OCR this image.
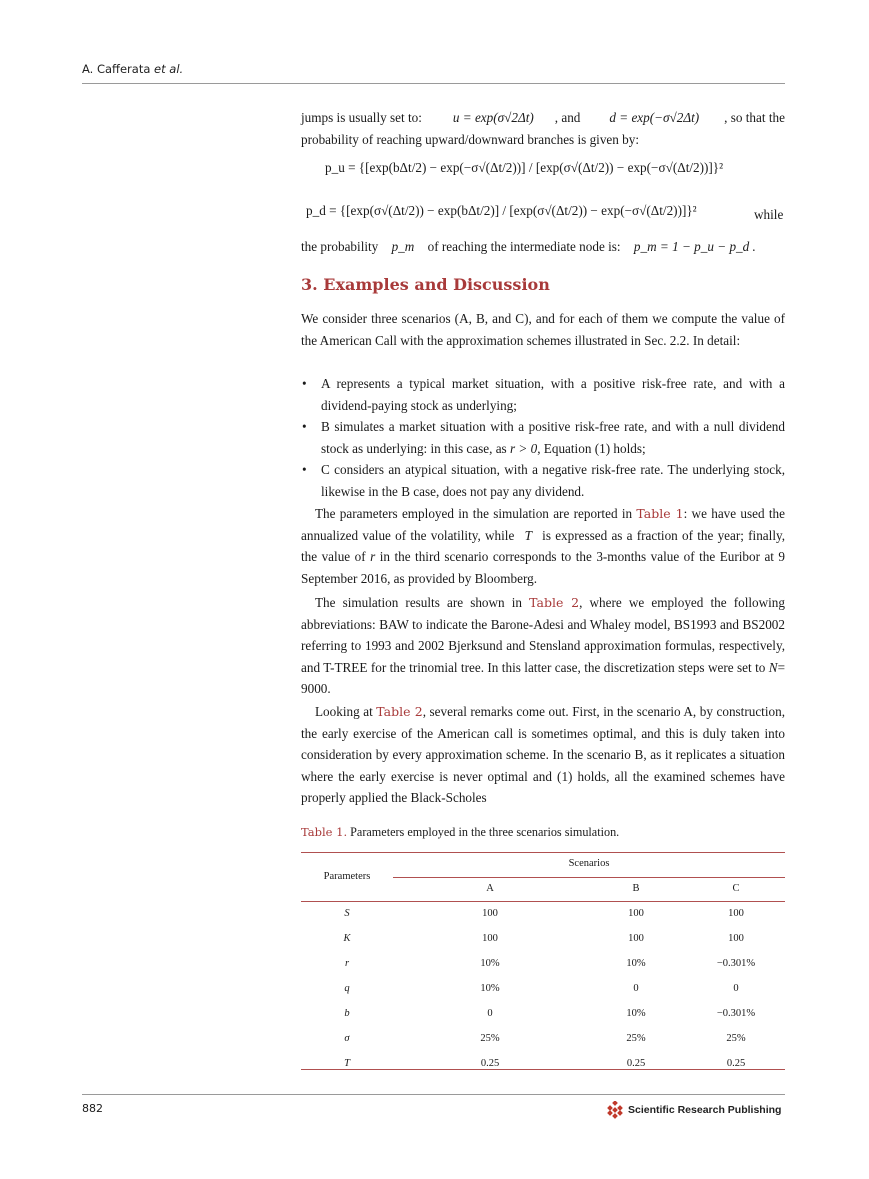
A. Cafferata et al.
jumps is usually set to: u = exp(σ√2Δt) , and d = exp(−σ√2Δt) , so that the
probability of reaching upward/downward branches is given by:
p_u = {[exp(bΔt/2) − exp(−σ√(Δt/2))] / [exp(σ√(Δt/2)) − exp(−σ√(Δt/2))]}²
p_d = {[exp(σ√(Δt/2)) − exp(bΔt/2)] / [exp(σ√(Δt/2)) − exp(−σ√(Δt/2))]}²	while
the probability p_m of reaching the intermediate node is: p_m = 1 − p_u − p_d .
3. Examples and Discussion

We consider three scenarios (A, B, and C), and for each of them we compute the value of the American Call with the approximation schemes illustrated in Sec. 2.2. In detail:

• A represents a typical market situation, with a positive risk-free rate, and with a dividend-paying stock as underlying;
• B simulates a market situation with a positive risk-free rate, and with a null dividend stock as underlying: in this case, as r > 0, Equation (1) holds;
• C considers an atypical situation, with a negative risk-free rate. The underlying stock, likewise in the B case, does not pay any dividend.

The parameters employed in the simulation are reported in Table 1: we have used the annualized value of the volatility, while T is expressed as a fraction of the year; finally, the value of r in the third scenario corresponds to the 3-months value of the Euribor at 9 September 2016, as provided by Bloomberg.

The simulation results are shown in Table 2, where we employed the following abbreviations: BAW to indicate the Barone-Adesi and Whaley model, BS1993 and BS2002 referring to 1993 and 2002 Bjerksund and Stensland approximation formulas, respectively, and T-TREE for the trinomial tree. In this latter case, the discretization steps were set to N= 9000.

Looking at Table 2, several remarks come out. First, in the scenario A, by construction, the early exercise of the American call is sometimes optimal, and this is duly taken into consideration by every approximation scheme. In the scenario B, as it replicates a situation where the early exercise is never optimal and (1) holds, all the examined schemes have properly applied the Black-Scholes

Table 1. Parameters employed in the three scenarios simulation.
Parameters
Scenarios
A	B	C
S	100	100	100
K	100	100	100
r	10%	10%	−0.301%
q	10%	0	0
b	0	10%	−0.301%
σ	25%	25%	25%
T	0.25	0.25	0.25
882	Scientific Research Publishing
